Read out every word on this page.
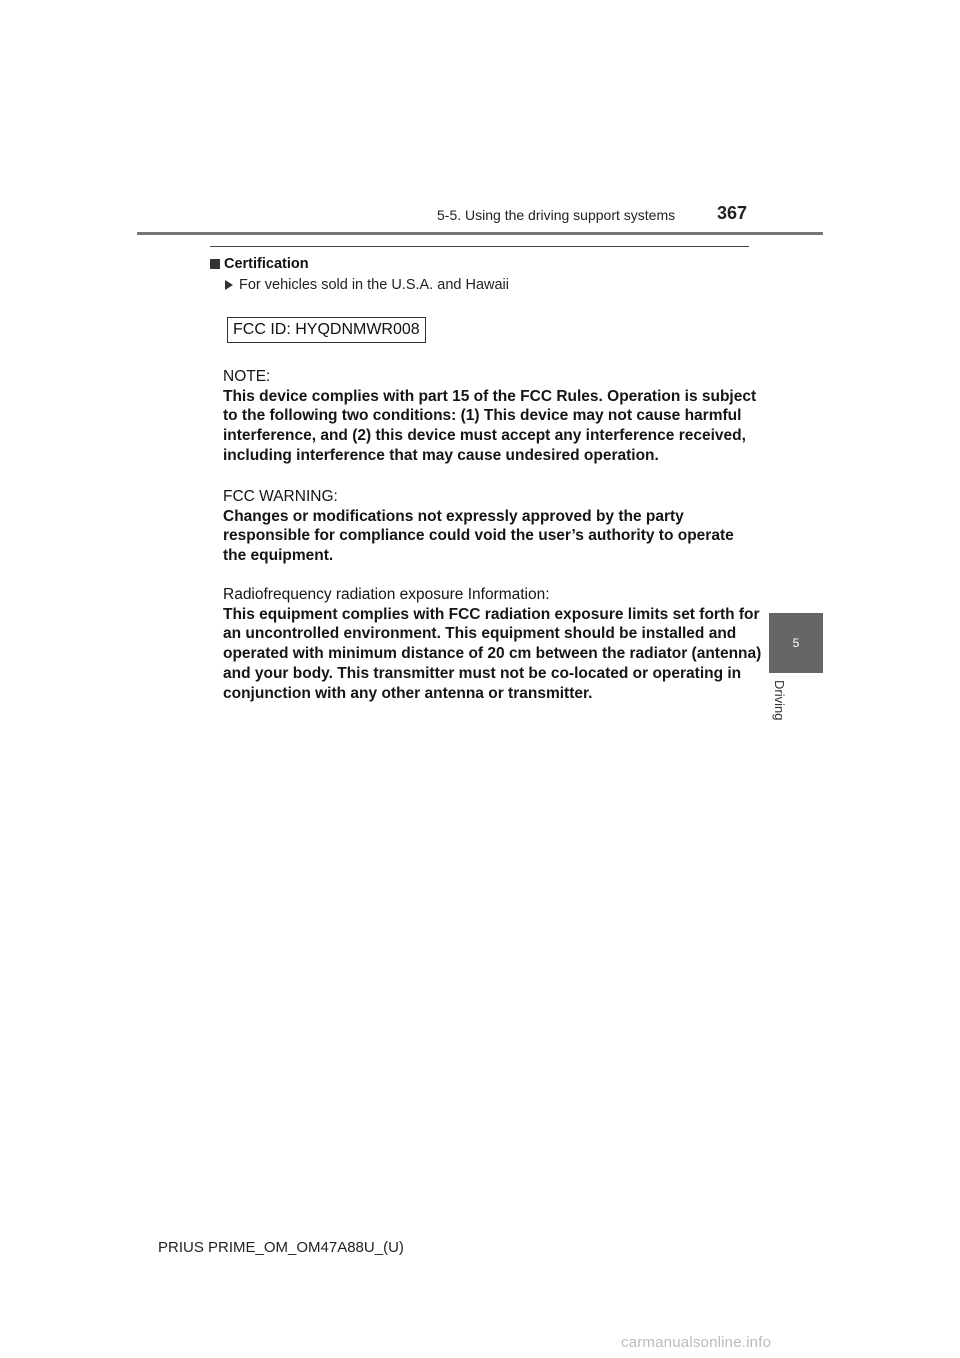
5-5. Using the driving support systems 367
Certification
For vehicles sold in the U.S.A. and Hawaii
FCC ID: HYQDNMWR008
NOTE:
This device complies with part 15 of the FCC Rules. Operation is subject
to the following two conditions: (1) This device may not cause harmful
interference, and (2) this device must accept any interference received,
including interference that may cause undesired operation.
FCC WARNING:
Changes or modifications not expressly approved by the party
responsible for compliance could void the user’s authority to operate
the equipment.
Radiofrequency radiation exposure Information:
This equipment complies with FCC radiation exposure limits set forth for
an uncontrolled environment. This equipment should be installed and
operated with minimum distance of 20 cm between the radiator (antenna)
and your body. This transmitter must not be co-located or operating in
conjunction with any other antenna or transmitter.
5
Driving
PRIUS PRIME_OM_OM47A88U_(U)
carmanualsonline.info
